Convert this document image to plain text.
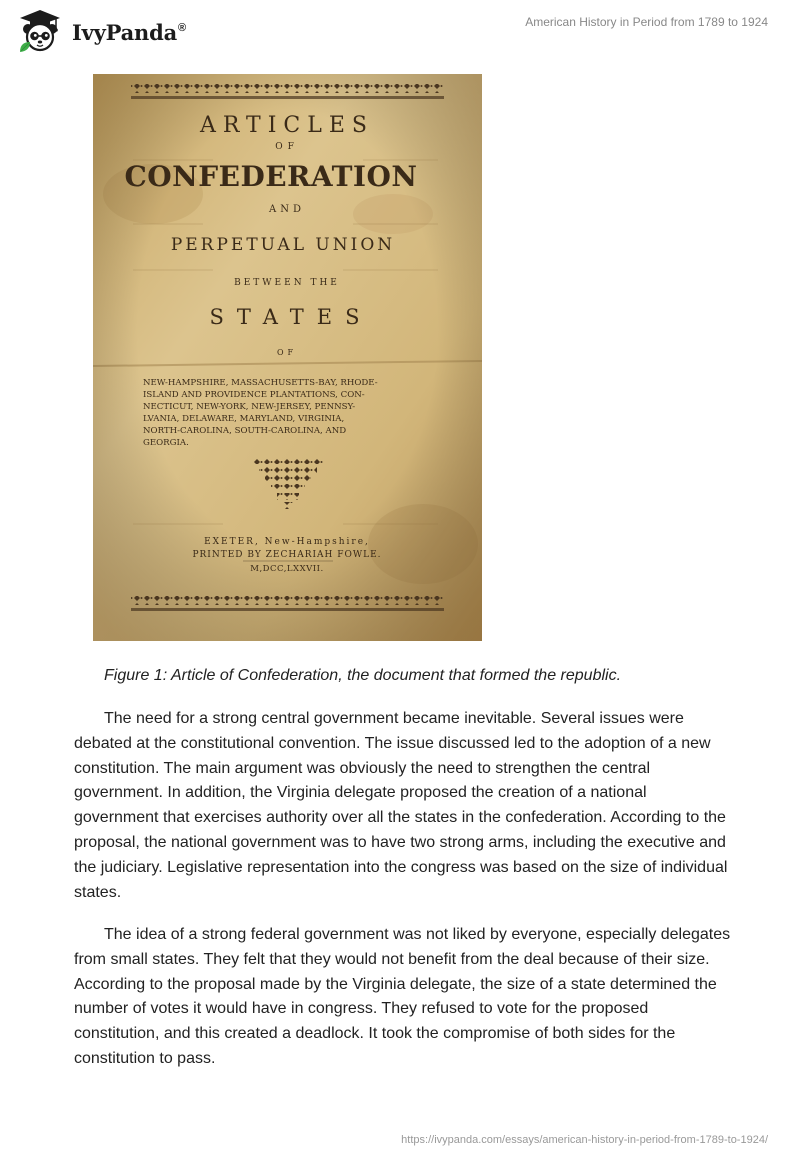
IvyPanda®	American History in Period from 1789 to 1924
ARTICLES
OF
CONFEDERATION
AND
PERPETUAL UNION
BETWEEN THE
STATES
OF
NEW-HAMPSHIRE, MASSACHUSETTS-BAY, RHODE-
ISLAND AND PROVIDENCE PLANTATIONS, CON-
NECTICUT, NEW-YORK, NEW-JERSEY, PENNSY-
LVANIA, DELAWARE, MARYLAND, VIRGINIA,
NORTH-CAROLINA, SOUTH-CAROLINA, AND
GEORGIA.
EXETER, New-Hampshire,
PRINTED BY ZECHARIAH FOWLE.
M,DCC,LXXVII.

Figure 1: Article of Confederation, the document that formed the republic.

The need for a strong central government became inevitable. Several issues were debated at the constitutional convention. The issue discussed led to the adoption of a new constitution. The main argument was obviously the need to strengthen the central government. In addition, the Virginia delegate proposed the creation of a national government that exercises authority over all the states in the confederation. According to the proposal, the national government was to have two strong arms, including the executive and the judiciary. Legislative representation into the congress was based on the size of individual states.

The idea of a strong federal government was not liked by everyone, especially delegates from small states. They felt that they would not benefit from the deal because of their size. According to the proposal made by the Virginia delegate, the size of a state determined the number of votes it would have in congress. They refused to vote for the proposed constitution, and this created a deadlock. It took the compromise of both sides for the constitution to pass.

https://ivypanda.com/essays/american-history-in-period-from-1789-to-1924/
